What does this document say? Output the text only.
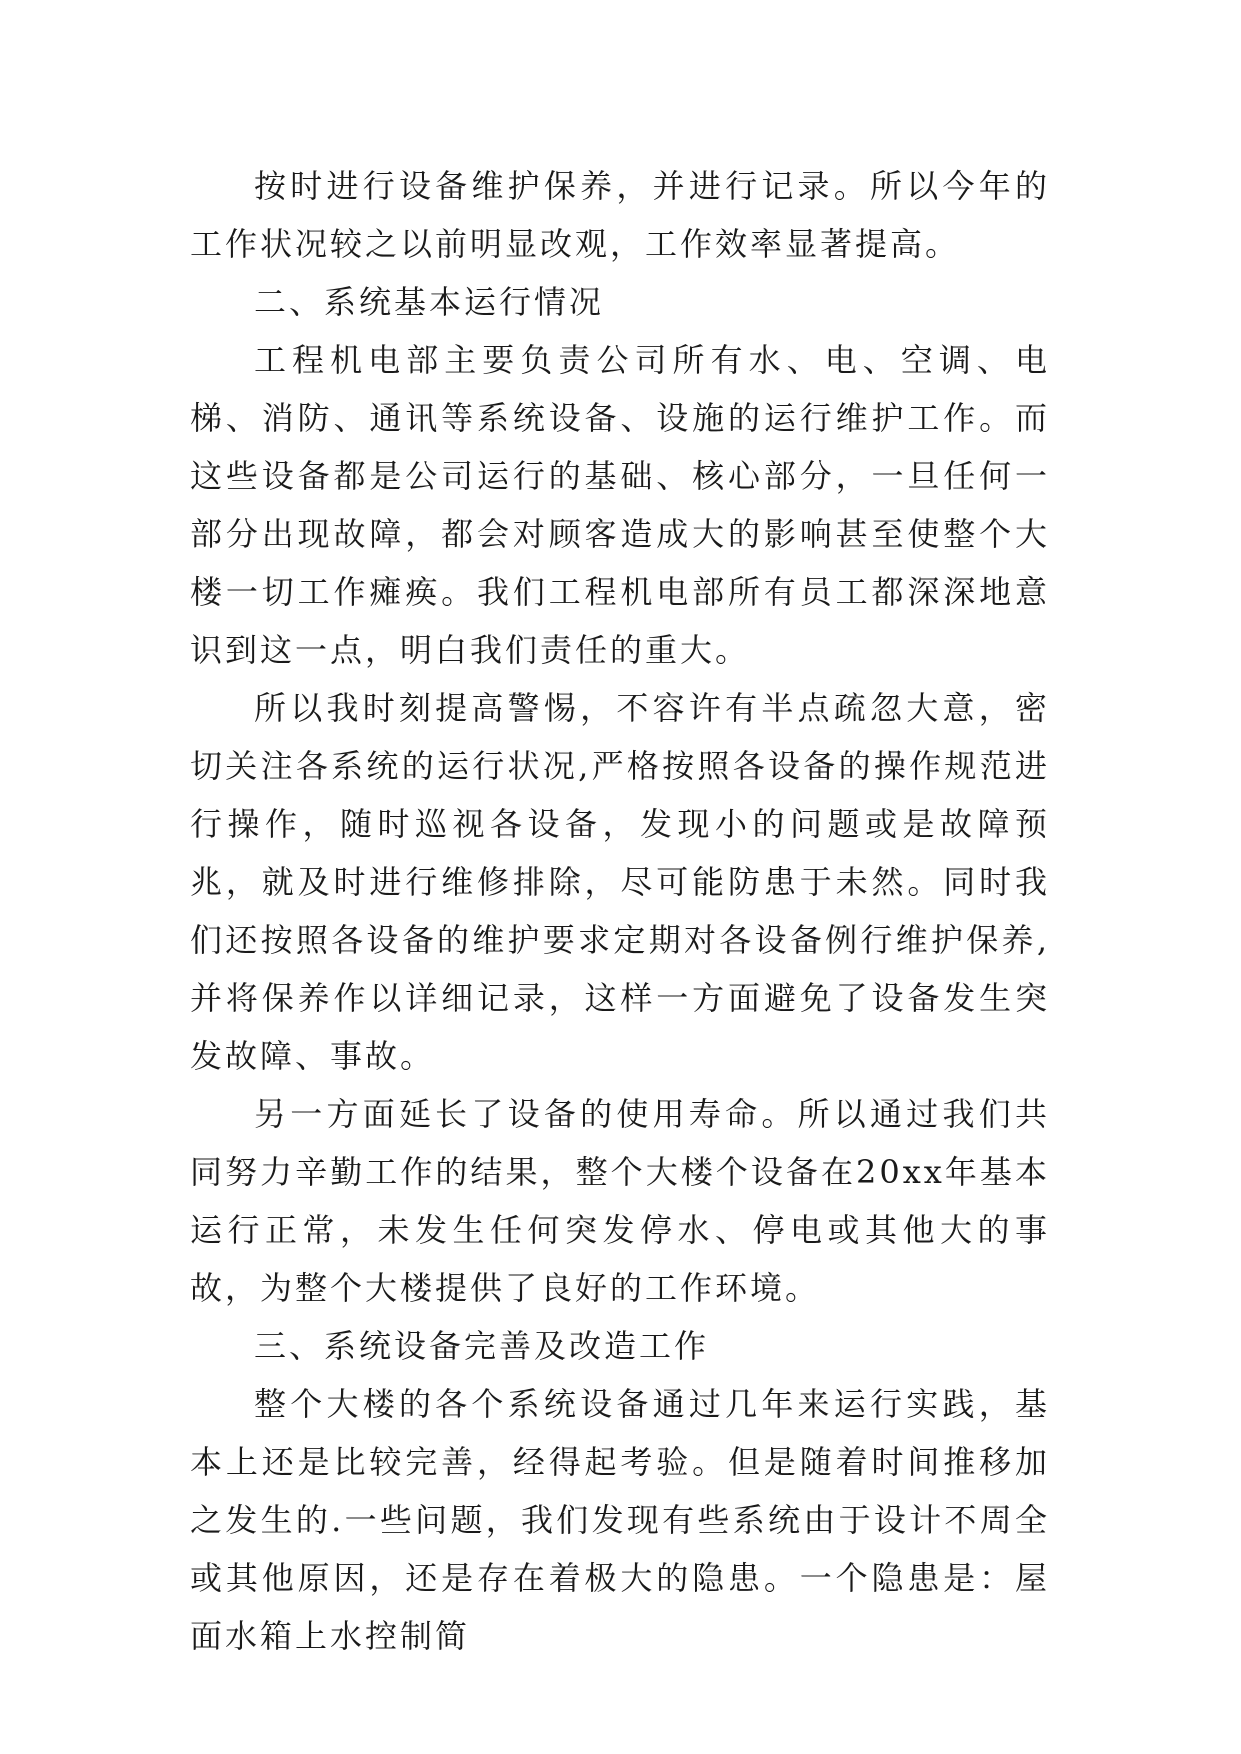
按时进行设备维护保养，并进行记录。所以今年的工作状况较之以前明显改观，工作效率显著提高。

二、系统基本运行情况

工程机电部主要负责公司所有水、电、空调、电梯、消防、通讯等系统设备、设施的运行维护工作。而这些设备都是公司运行的基础、核心部分，一旦任何一部分出现故障，都会对顾客造成大的影响甚至使整个大楼一切工作瘫痪。我们工程机电部所有员工都深深地意识到这一点，明白我们责任的重大。

所以我时刻提高警惕，不容许有半点疏忽大意，密切关注各系统的运行状况,严格按照各设备的操作规范进行操作，随时巡视各设备，发现小的问题或是故障预兆，就及时进行维修排除，尽可能防患于未然。同时我们还按照各设备的维护要求定期对各设备例行维护保养,并将保养作以详细记录，这样一方面避免了设备发生突发故障、事故。

另一方面延长了设备的使用寿命。所以通过我们共同努力辛勤工作的结果，整个大楼个设备在20xx年基本运行正常，未发生任何突发停水、停电或其他大的事故，为整个大楼提供了良好的工作环境。

三、系统设备完善及改造工作

整个大楼的各个系统设备通过几年来运行实践，基本上还是比较完善，经得起考验。但是随着时间推移加之发生的.一些问题，我们发现有些系统由于设计不周全或其他原因，还是存在着极大的隐患。一个隐患是：屋面水箱上水控制简
